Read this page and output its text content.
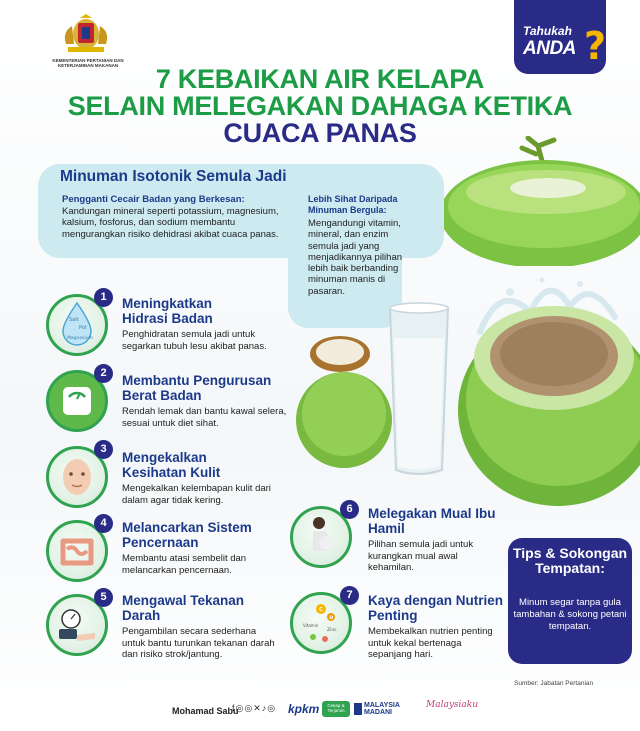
KEMENTERIAN PERTANIAN DAN KETERJAMINAN MAKANAN
Tahukah
ANDA ?
7 KEBAIKAN AIR KELAPA
SELAIN MELEGAKAN DAHAGA KETIKA
CUACA PANAS
Minuman Isotonik Semula Jadi
Pengganti Cecair Badan yang Berkesan:
Kandungan mineral seperti potassium, magnesium, kalsium, fosforus, dan sodium membantu mengurangkan risiko dehidrasi akibat cuaca panas.
Lebih Sihat Daripada Minuman Bergula:
Mengandungi vitamin, mineral, dan enzim semula jadi yang menjadikannya pilihan lebih baik berbanding minuman manis di pasaran.
Salt
Pot
Magnesium
1	Meningkatkan Hidrasi Badan
Penghidratan semula jadi untuk segarkan tubuh lesu akibat panas.
2	Membantu Pengurusan Berat Badan
Rendah lemak dan bantu kawal selera, sesuai untuk diet sihat.
3
Mengekalkan Kesihatan Kulit
Mengekalkan kelembapan kulit dari dalam agar tidak kering.
4	Melancarkan Sistem Pencernaan
Membantu atasi sembelit dan melancarkan pencernaan.
5	Mengawal Tekanan Darah
Pengambilan secara sederhana untuk bantu turunkan tekanan darah dan risiko strok/jantung.
6	Melegakan Mual Ibu Hamil
Pilihan semula jadi untuk kurangkan mual awal kehamilan.
C
D
Vitamin
Zinc
7	Kaya dengan Nutrien Penting
Membekalkan nutrien penting untuk kekal bertenaga sepanjang hari.
Tips & Sokongan Tempatan:
Minum segar tanpa gula tambahan & sokong petani tempatan.
Sumber: Jabatan Pertanian
Mohamad Sabu
f◎◎✕♪◎ kpkm	Cekap & Terjamin
MALAYSIA
MADANI
Malaysiaku
